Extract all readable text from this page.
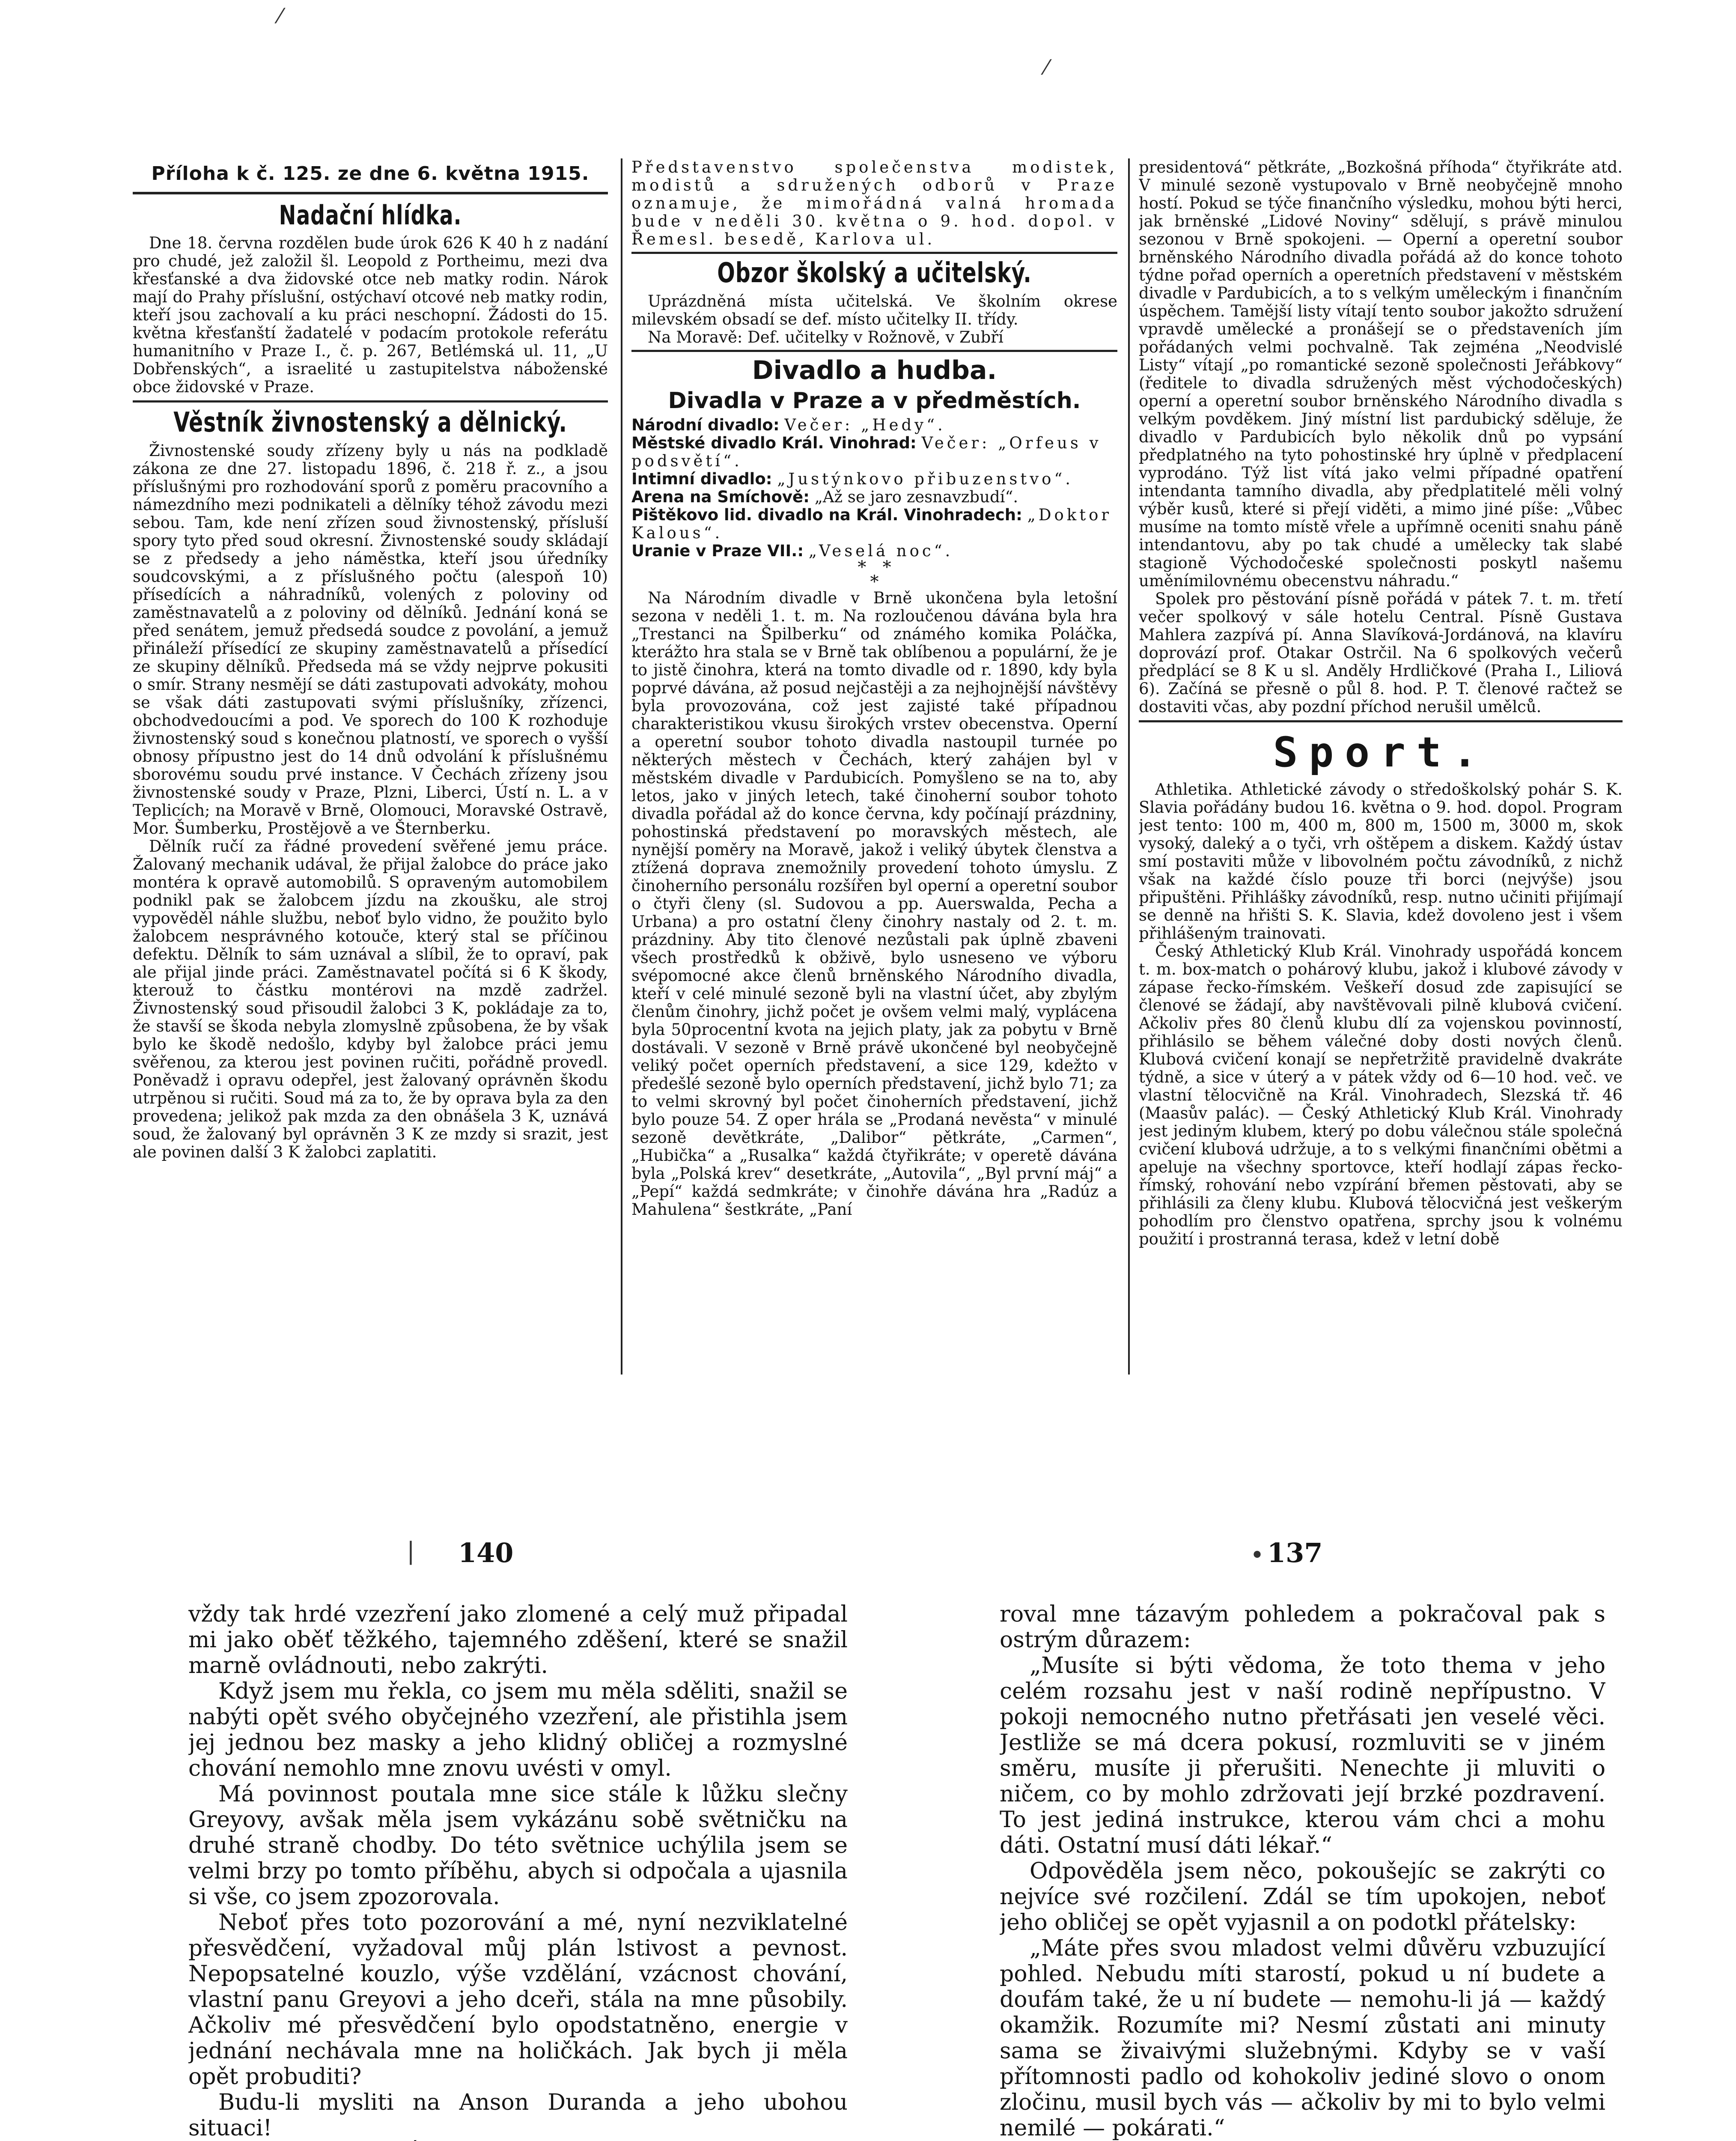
Příloha k č. 125. ze dne 6. května 1915.

Nadační hlídka.

Dne 18. června rozdělen bude úrok 626 K 40 h z nadání pro chudé, jež založil šl. Leopold z Portheimu, mezi dva křesťanské a dva židovské otce neb matky rodin. Nárok mají do Prahy příslušní, ostýchaví otcové neb matky rodin, kteří jsou zachovalí a ku práci neschopní. Žádosti do 15. května křesťanští žadatelé v podacím protokole referátu humanitního v Praze I., č. p. 267, Betlémská ul. 11, „U Dobřenských“, a israelité u zastupitelstva náboženské obce židovské v Praze.

Věstník živnostenský a dělnický.

Živnostenské soudy zřízeny byly u nás na podkladě zákona ze dne 27. listopadu 1896, č. 218 ř. z., a jsou příslušnými pro rozhodování sporů z poměru pracovního a námezdního mezi podnikateli a dělníky téhož závodu mezi sebou. Tam, kde není zřízen soud živnostenský, přísluší spory tyto před soud okresní. Živnostenské soudy skládají se z předsedy a jeho náměstka, kteří jsou úředníky soudcovskými, a z příslušného počtu (alespoň 10) přísedících a náhradníků, volených z polovinу od zaměstnavatelů a z polovinу od dělníků. Jednání koná se před senátem, jemuž předsedá soudce z povolání, a jemuž přináleží přísedící ze skupiny zaměstnavatelů a přísedící ze skupiny dělníků. Předseda má se vždy nejprve pokusiti o smír. Strany nesmějí se dáti zastupovati advokáty, mohou se však dáti zastupovati svými příslušníky, zřízenci, obchodvedoucími a pod. Ve sporech do 100 K rozhoduje živnostenský soud s konečnou platností, ve sporech o vyšší obnosy přípustno jest do 14 dnů odvolání k příslušnému sborovému soudu prvé instance. V Čechách zřízeny jsou živnostenské soudy v Praze, Plzni, Liberci, Ústí n. L. a v Teplicích; na Moravě v Brně, Olomouci, Moravské Ostravě, Mor. Šumberku, Prostějově a ve Šternberku.

Dělník ručí za řádné provedení svěřené jemu práce. Žalovaný mechanik udával, že přijal žalobce do práce jako montéra k opravě automobilů. S opraveným automobilem podnikl pak se žalobcem jízdu na zkoušku, ale stroj vypověděl náhle službu, neboť bylo vidno, že použito bylo žalobcem nesprávného kotouče, který stal se příčinou defektu. Dělník to sám uznával a slíbil, že to opraví, pak ale přijal jinde práci. Zaměstnavatel počítá si 6 K škody, kterouž to částku montérovi na mzdě zadržel. Živnostenský soud přisoudil žalobci 3 K, pokládaje za to, že stavší se škoda nebyla zlomyslně způsobena, že by však bylo ke škodě nedošlo, kdyby byl žalobce práci jemu svěřenou, za kterou jest povinen ručiti, pořádně provedl. Poněvadž i opravu odepřel, jest žalovaný oprávněn škodu utrpěnou si ručiti. Soud má za to, že by oprava byla za den provedena; jelikož pak mzda za den obnášela 3 K, uznává soud, že žalovaný byl oprávněn 3 K ze mzdy si srazit, jest ale povinen další 3 K žalobci zaplatiti.

Představenstvo společenstva modistek, modistů a sdružených odborů v Praze oznamuje, že mimořádná valná hromada bude v neděli 30. května o 9. hod. dopol. v Řemesl. besedě, Karlova ul.

Obzor školský a učitelský.

Uprázdněná místa učitelská. Ve školním okrese milevském obsadí se def. místo učitelky II. třídy.

Na Moravě: Def. učitelky v Rožnově, v Zubří

Divadlo a hudba.
Divadla v Praze a v předměstích.

Národní divadlo: Večer: „Hedy“.

Městské divadlo Král. Vinohrad: Večer: „Orfeus v podsvětí“.

Intimní divadlo: „Justýnkovo přibuzenstvo“.

Arena na Smíchově: „Až se jaro zesnavzbudí“.

Pištěkovo lid. divadlo na Král. Vinohradech: „Doktor Kalous“.

Uranie v Praze VII.: „Veselá noc“.

*   *
*

Na Národním divadle v Brně ukončena byla letošní sezona v neděli 1. t. m. Na rozloučenou dávána byla hra „Trestanci na Špilberku“ od známého komika Poláčka, kterážto hra stala se v Brně tak oblíbenou a populární, že je to jistě činohra, která na tomto divadle od r. 1890, kdy byla poprvé dávána, až posud nejčastěji a za nejhojnější návštěvy byla provozována, což jest zajisté také případnou charakteristikou vkusu širokých vrstev obecenstva. Operní a operetní soubor tohoto divadla nastoupil turnée po některých městech v Čechách, který zahájen byl v městském divadle v Pardubicích. Pomyšleno se na to, aby letos, jako v jiných letech, také činoherní soubor tohoto divadla pořádal až do konce června, kdy počínají prázdniny, pohostinská představení po moravských městech, ale nynější poměry na Moravě, jakož i veliký úbytek členstva a ztížená doprava znemožnily provedení tohoto úmyslu. Z činoherního personálu rozšířen byl operní a operetní soubor o čtyři členy (sl. Sudovou a pp. Auerswalda, Pecha a Urbana) a pro ostatní členy činohry nastaly od 2. t. m. prázdniny. Aby tito členové nezůstali pak úplně zbaveni všech prostředků k obživě, bylo usneseno ve výboru svépomocné akce členů brněnského Národního divadla, kteří v celé minulé sezoně byli na vlastní účet, aby zbylým členům činohry, jichž počet je ovšem velmi malý, vyplácena byla 50procentní kvota na jejich platy, jak za pobytu v Brně dostávali. V sezoně v Brně právě ukončené byl neobyčejně veliký počet operních představení, a sice 129, kdežto v předešlé sezoně bylo operních představení, jichž bylo 71; za to velmi skrovný byl počet činoherních představení, jichž bylo pouze 54. Z oper hrála se „Prodaná nevěsta“ v minulé sezoně devětkráte, „Dalibor“ pětkráte, „Carmen“, „Hubička“ a „Rusalka“ každá čtyřikráte; v operetě dávána byla „Polská krev“ desetkráte, „Autovila“, „Byl první máj“ a „Pepí“ každá sedmkráte; v činohře dávána hra „Radúz a Mahulena“ šestkráte, „Paní

presidentová“ pětkráte, „Bozkošná příhoda“ čtyřikráte atd. V minulé sezoně vystupovalo v Brně neobyčejně mnoho hostí. Pokud se týče finančního výsledku, mohou býti herci, jak brněnské „Lidové Noviny“ sdělují, s právě minulou sezonou v Brně spokojeni. — Operní a operetní soubor brněnského Národního divadla pořádá až do konce tohoto týdne pořad operních a operetních představení v městském divadle v Pardubicích, a to s velkým uměleckým i finančním úspěchem. Tamější listy vítají tento soubor jakožto sdružení vpravdě umělecké a pronášejí se o představeních jím pořádaných velmi pochvalně. Tak zejména „Neodvislé Listy“ vítají „po romantické sezoně společnosti Jeřábkovy“ (ředitele to divadla sdružených měst východočeských) operní a operetní soubor brněnského Národního divadla s velkým povděkem. Jiný místní list pardubický sděluje, že divadlo v Pardubicích bylo několik dnů po vypsání předplatného na tyto pohostinské hry úplně v předplacení vyprodáno. Týž list vítá jako velmi případné opatření intendanta tamního divadla, aby předplatitelé měli volný výběr kusů, které si přejí viděti, a mimo jiné píše: „Vůbec musíme na tomto místě vřele a upřímně oceniti snahu páně intendantovu, aby po tak chudé a umělecky tak slabé stagioně Východočeské společnosti poskytl našemu uměnímilovnému obecenstvu náhradu.“

Spolek pro pěstování písně pořádá v pátek 7. t. m. třetí večer spolkový v sále hotelu Central. Písně Gustava Mahlera zazpívá pí. Anna Slavíková-Jordánová, na klavíru doprovází prof. Otakar Ostrčil. Na 6 spolkových večerů předplácí se 8 K u sl. Anděly Hrdličkové (Praha I., Liliová 6). Začíná se přesně o půl 8. hod. P. T. členové račtež se dostaviti včas, aby pozdní příchod nerušil umělců.

Sport.

Athletika. Athletické závody o středoškolský pohár S. K. Slavia pořádány budou 16. května o 9. hod. dopol. Program jest tento: 100 m, 400 m, 800 m, 1500 m, 3000 m, skok vysoký, daleký a o tyči, vrh oštěpem a diskem. Každý ústav smí postaviti může v libovolném počtu závodníků, z nichž však na každé číslo pouze tři borci (nejvýše) jsou připuštěni. Přihlášky závodníků, resp. nutno učiniti přijímají se denně na hřišti S. K. Slavia, kdež dovoleno jest i všem přihlášeným trainovati.

Český Athletický Klub Král. Vinohrady uspořádá koncem t. m. box-match o pohárový klubu, jakož i klubové závody v zápase řecko-římském. Veškeří dosud zde zapisující se členové se žádají, aby navštěvovali pilně klubová cvičení. Ačkoliv přes 80 členů klubu dlí za vojenskou povinností, přihlásilo se během válečné doby dosti nových členů. Klubová cvičení konají se nepřetržitě pravidelně dvakráte týdně, a sice v úterý a v pátek vždy od 6—10 hod. več. ve vlastní tělocvičně na Král. Vinohradech, Slezská tř. 46 (Maasův palác). — Český Athletický Klub Král. Vinohrady jest jediným klubem, který po dobu válečnou stále společná cvičení klubová udržuje, a to s velkými finančními obětmi a apeluje na všechny sportovce, kteří hodlají zápas řecko-římský, rohování nebo vzpírání břemen pěstovati, aby se přihlásili za členy klubu. Klubová tělocvičná jest veškerým pohodlím pro členstvo opatřena, sprchy jsou k volnému použití i prostranná terasa, kdež v letní době

| 140	• 137

vždy tak hrdé vzezření jako zlomené a celý muž připadal mi jako oběť těžkého, tajemného zděšení, které se snažil marně ovládnouti, nebo zakrýti.

Když jsem mu řekla, co jsem mu měla sděliti, snažil se nabýti opět svého obyčejného vzezření, ale přistihla jsem jej jednou bez masky a jeho klidný obličej a rozmyslné chování nemohlo mne znovu uvésti v omyl.

Má povinnost poutala mne sice stále k lůžku slečny Greyovy, avšak měla jsem vykázánu sobě světničku na druhé straně chodby. Do této světnice uchýlila jsem se velmi brzy po tomto příběhu, abych si odpočala a ujasnila si vše, co jsem zpozorovala.

Neboť přes toto pozorování a mé, nyní nezviklatelné přesvědčení, vyžadoval můj plán lstivost a pevnost. Nepopsatelné kouzlo, výše vzdělání, vzácnost chování, vlastní panu Greyovi a jeho dceři, stála na mne působily. Ačkoliv mé přesvědčení bylo opodstatněno, energie v jednání nechávala mne na holičkách. Jak bych ji měla opět probuditi?

Budu-li mysliti na Anson Duranda a jeho ubohou situaci!

roval mne tázavým pohledem a pokračoval pak s ostrým důrazem:

„Musíte si býti vědoma, že toto thema v jeho celém rozsahu jest v naší rodině nepřípustno. V pokoji nemocného nutno přetřásati jen veselé věci. Jestliže se má dcera pokusí, rozmluviti se v jiném směru, musíte ji přerušiti. Nenechte ji mluviti o ničem, co by mohlo zdržovati její brzké pozdravení. To jest jediná instrukce, kterou vám chci a mohu dáti. Ostatní musí dáti lékař.“

Odpověděla jsem něco, pokoušejíc se zakrýti co nejvíce své rozčilení. Zdál se tím upokojen, neboť jeho obličej se opět vyjasnil a on podotkl přátelsky:

„Máte přes svou mladost velmi důvěru vzbuzující pohled. Nebudu míti starostí, pokud u ní budete a doufám také, že u ní budete — nemohu-li já — každý okamžik. Rozumíte mi? Nesmí zůstati ani minuty sama se živaivými služebnými. Kdyby se v vaší přítomnosti padlo od kohokoliv jediné slovo o onom zločinu, musil bych vás — ačkoliv by mi to bylo velmi nemilé — pokárati.“

⁄
⁄
